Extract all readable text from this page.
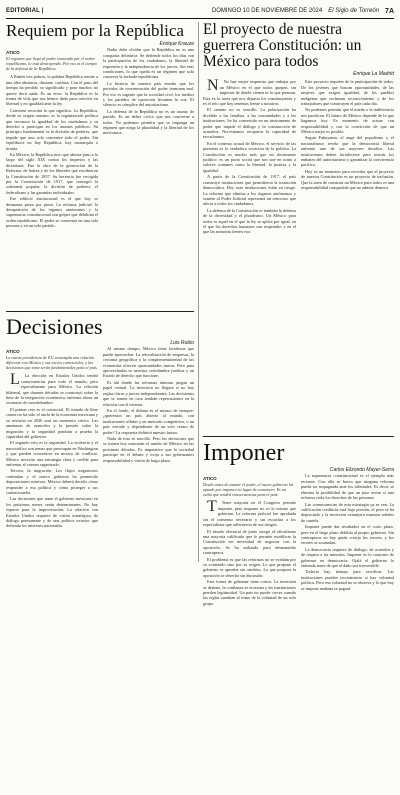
EDITORIAL |	DOMINGO 10 DE NOVIEMBRE DE 2024 El Siglo de Torreón 7A
Requiem por la República
Enrique Krauze
ATICO
El régimen que llegó al poder sostenido por el orden republicano, lo está destruyendo. Por eso es el tiempo de la defensa de la República.

A Rubén tres pobres, la palabra República remite a una idea abstracta, distante, confusa. Con el paso del tiempo ha perdido su significado y para muchos no quiere decir nada. Es un error: la República es la forma de vida que nos hemos dado para convivir en libertad y en igualdad ante la ley.

Conviene recordar lo que significa. La República, desde su origen romano, es la organización política que reconoce la igualdad de los ciudadanos y su derecho a participar en los asuntos públicos. Su principio fundamental es la división de poderes, que impide que uno solo concentre todo el poder. Sin equilibrios no hay República, hay monarquía o tiranía.

En México, la República tuvo que abrirse paso a lo largo del siglo XIX contra los imperios y las dictaduras. Fue la obra de la generación de la Reforma, de Juárez y de los liberales que escribieron la Constitución de 1857. Su herencia fue recogida por la Constitución de 1917, que consagró la soberanía popular, la división de poderes, el federalismo y las garantías individuales.

Ese edificio institucional es el que hoy se desmonta pieza por pieza. La reforma judicial, la desaparición de los órganos autónomos y la supremacía constitucional son golpes que debilitan el orden republicano. El poder se concentra en una sola persona y en un solo partido.

Nadie debe olvidar que la República no es una conquista definitiva. Se defiende todos los días con la participación de los ciudadanos, la libertad de expresión y la independencia de los jueces. Sin esas condiciones, lo que queda es un régimen que solo conserva la fachada republicana.

La historia de nuestro país enseña que los periodos de concentración del poder terminan mal. Por eso es urgente que la sociedad civil, los medios y los partidos de oposición levanten la voz. El silencio es cómplice del autoritarismo.

La defensa de la República no es un asunto de partido. Es un deber cívico que nos concierne a todos. No podemos permitir que se imponga un régimen que niega la pluralidad y la libertad de los mexicanos.

El proyecto de nuestra guerrera Constitución: un México para todos
Enrique La Madrid

N No hay mejor respuesta que trabajar por un México en el que todos quepan, sin importar de dónde vienen ni lo que piensan. Esta es la tarea que nos dejaron los constituyentes y es el reto que hoy tenemos frente a nosotros.

El camino no es sencillo. La polarización ha dividido a las familias, a las comunidades y a las instituciones. Se ha convertido en un instrumento de poder que impide el diálogo y la construcción de acuerdos. Necesitamos recuperar la capacidad de escucharnos.

En el contexto actual de México, el servicio de las personas es la verdadera vocación de la política. La Constitución es mucho más que un documento jurídico: es un pacto social que nos une en torno a valores comunes como la libertad, la justicia y la igualdad.

A partir de la Constitución de 1917, el país construyó instituciones que permitieron la transición democrática. Hoy esas instituciones están en riesgo. La reforma que elimina a los órganos autónomos y somete al Poder Judicial representa un retroceso que afecta a todos los ciudadanos.

La defensa de la Constitución es también la defensa de la diversidad y el pluralismo. Un México para todos es aquel en el que la ley se aplica por igual, en el que los derechos humanos son respetados y en el que las minorías tienen voz.

Este proyecto requiere de la participación de todos. De los jóvenes que buscan oportunidades, de las mujeres que exigen igualdad, de los pueblos indígenas que reclaman reconocimiento y de los trabajadores que construyen el país cada día.

No podemos permitir que el miedo o la indiferencia nos paralicen. El futuro de México depende de lo que hagamos hoy. Es momento de actuar con responsabilidad y con la convicción de que un México mejor es posible.

Segun Fukuyama, el auge del populismo y el nacionalismo revela que la democracia liberal enfrenta uno de sus mayores desafíos. Las instituciones deben fortalecerse para resistir los embates del autoritarismo y garantizar la convivencia pacífica.

Hoy es un momento para recordar que el proyecto de nuestra Constitución es un proyecto de inclusión. Que la tarea de construir un México para todos es una responsabilidad compartida que no admite demora.

Decisiones
Luis Rubio
ATICO
La nueva presidencia de EU contempla una relación diferente con México y sus socios comerciales, y las decisiones que tome serán fundamentales para el país.

L La elección en Estados Unidos tendrá consecuencias para todo el mundo, pero especialmente para México. La relación bilateral, que durante décadas se construyó sobre la base de la integración económica, enfrenta ahora un escenario de incertidumbre.

El primer reto es el comercial. El tratado de libre comercio ha sido el ancla de la economía mexicana y su revisión en 2026 será un momento crítico. Las amenazas de aranceles y la presión sobre la migración y la seguridad pondrán a prueba la capacidad del gobierno.

El segundo reto es la seguridad. La violencia y el narcotráfico son temas que preocupan en Washington y que pueden convertirse en motivo de conflicto. México necesita una estrategia clara y creíble para enfrentar al crimen organizado.

Tercero, la migración. Los flujos migratorios continúan y el nuevo gobierno ha prometido deportaciones masivas. México deberá decidir cómo responder a esa política y cómo proteger a sus connacionales.

Las decisiones que tome el gobierno mexicano en los próximos meses serán determinantes. No hay espacio para la improvisación. La relación con Estados Unidos requiere de visión estratégica, de diálogo permanente y de una política exterior que defienda los intereses nacionales.

Al mismo tiempo, México tiene fortalezas que puede aprovechar. La relocalización de empresas, la cercanía geográfica y la complementariedad de las economías ofrecen oportunidades únicas. Pero para aprovecharlas se necesita certidumbre jurídica y un Estado de derecho que funcione.

Es ahí donde las reformas internas juegan un papel central. La inversión no llegará si no hay reglas claras y jueces independientes. Las decisiones que se tomen en casa tendrán repercusiones en la relación con el exterior.

En el fondo, el dilema es el mismo de siempre: ¿queremos un país abierto al mundo, con instituciones sólidas y un mercado competitivo, o un país cerrado y dependiente de un solo centro de poder? La respuesta definirá nuestro futuro.

Nada de esto es sencillo. Pero las decisiones que se tomen hoy marcarán el rumbo de México en las próximas décadas. Es imperativo que la sociedad participe en el debate y exija a sus gobernantes responsabilidad y visión de largo plazo.	Imponer
Carlos Elizondo Mayer-Serra
ATICO
Desde antes de asumir el poder, el nuevo gobierno ha optado por imponer en lugar de convencer. Es un estilo que tendrá consecuencias para el país.

T Tener mayoría en el Congreso permite imponer, pero imponer no es lo mismo que gobernar. La reforma judicial fue aprobada sin el consenso necesario y sin escuchar a los especialistas que advirtieron de sus riesgos.

El triunfo electoral de junio otorgó al oficialismo una mayoría calificada que le permite modificar la Constitución sin necesidad de negociar con la oposición. Se ha utilizado para desmantelar contrapesos.

El problema es que las reformas no se evalúan por su contenido sino por su origen. Lo que propone el gobierno se aprueba sin cambios. Lo que propone la oposición se desecha sin discusión.

Esta forma de gobernar tiene costos. La inversión se detiene, la confianza se erosiona y las instituciones pierden legitimidad. Un país no puede crecer cuando las reglas cambian al ritmo de la voluntad de un solo grupo.

La supremacía constitucional es el ejemplo más reciente. Con ella se busca que ninguna reforma pueda ser impugnada ante los tribunales. Es decir, se elimina la posibilidad de que un juez revise si una reforma viola los derechos de las personas.

Las consecuencias de esta estrategia ya se ven. La calificación crediticia está bajo presión, el peso se ha depreciado y la inversión extranjera muestra señales de cautela.

Imponer puede dar resultados en el corto plazo, pero en el largo plazo debilita al propio gobierno. Sin contrapesos no hay quién corrija los errores, y los errores se acumulan.

La democracia requiere de diálogo, de acuerdos y de respeto a las minorías. Imponer es lo contrario de gobernar en democracia. Ojalá el gobierno lo entienda antes de que el daño sea irreversible.

Todavía hay tiempo para rectificar. Las instituciones pueden reconstruirse si hay voluntad política. Pero esa voluntad no se observa y lo que hoy se impone mañana se pagará.
